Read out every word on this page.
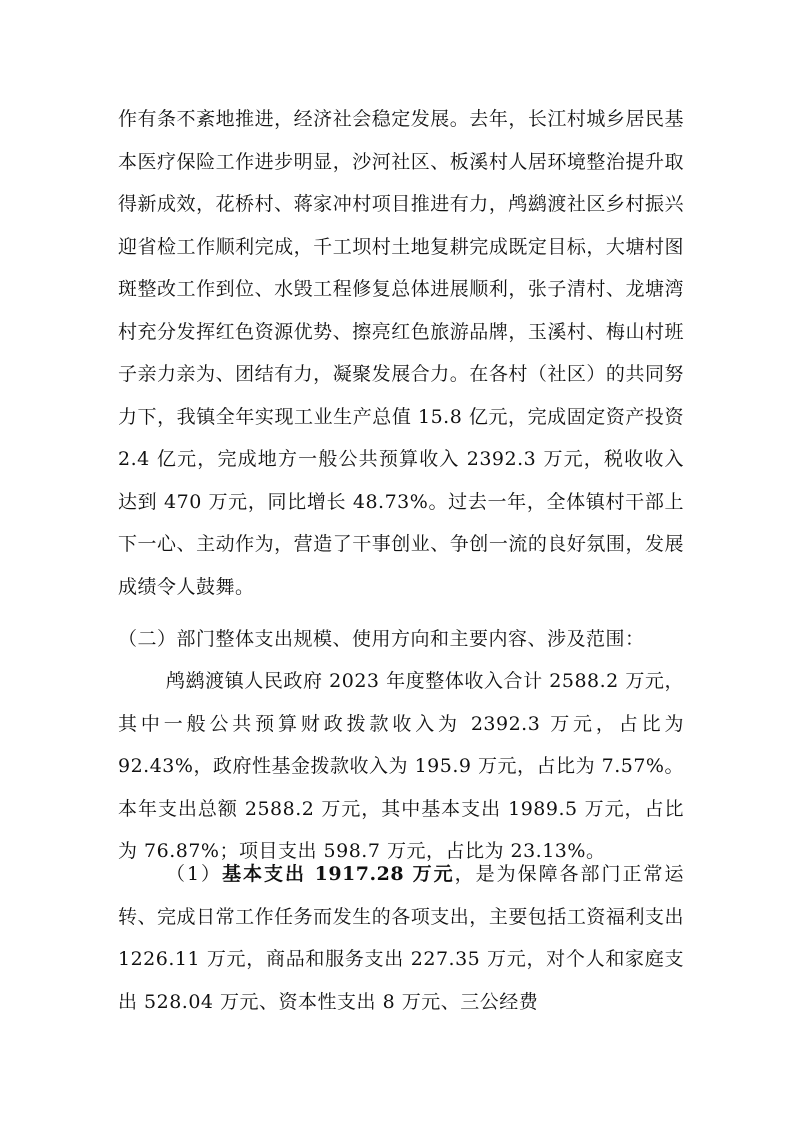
作有条不紊地推进，经济社会稳定发展。去年，长江村城乡居民基本医疗保险工作进步明显，沙河社区、板溪村人居环境整治提升取得新成效，花桥村、蒋家冲村项目推进有力，鸬鹚渡社区乡村振兴迎省检工作顺利完成，千工坝村土地复耕完成既定目标，大塘村图斑整改工作到位、水毁工程修复总体进展顺利，张子清村、龙塘湾村充分发挥红色资源优势、擦亮红色旅游品牌，玉溪村、梅山村班子亲力亲为、团结有力，凝聚发展合力。在各村（社区）的共同努力下，我镇全年实现工业生产总值 15.8 亿元，完成固定资产投资 2.4 亿元，完成地方一般公共预算收入 2392.3 万元，税收收入达到 470 万元，同比增长 48.73%。过去一年，全体镇村干部上下一心、主动作为，营造了干事创业、争创一流的良好氛围，发展成绩令人鼓舞。
（二）部门整体支出规模、使用方向和主要内容、涉及范围：
鸬鹚渡镇人民政府 2023 年度整体收入合计 2588.2 万元，其中一般公共预算财政拨款收入为 2392.3 万元，占比为 92.43%，政府性基金拨款收入为 195.9 万元，占比为 7.57%。本年支出总额 2588.2 万元，其中基本支出 1989.5 万元，占比为 76.87%；项目支出 598.7 万元，占比为 23.13%。
（1）基本支出 1917.28 万元，是为保障各部门正常运转、完成日常工作任务而发生的各项支出，主要包括工资福利支出 1226.11 万元，商品和服务支出 227.35 万元，对个人和家庭支出 528.04 万元、资本性支出 8 万元、三公经费
